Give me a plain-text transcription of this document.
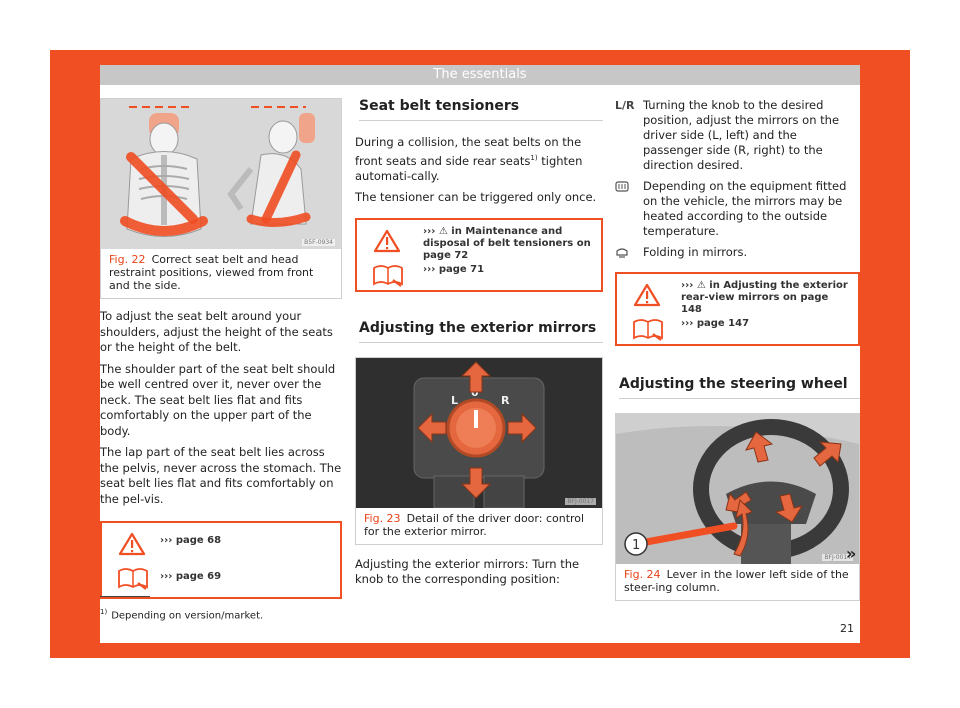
The essentials
B5F-0934
Fig. 22 Correct seat belt and head restraint positions, viewed from front and the side.

To adjust the seat belt around your shoulders, adjust the height of the seats or the height of the belt.

The shoulder part of the seat belt should be well centred over it, never over the neck. The seat belt lies flat and fits comfortably on the upper part of the body.

The lap part of the seat belt lies across the pelvis, never across the stomach. The seat belt lies flat and fits comfortably on the pel-vis.

››› page 68
››› page 69
Seat belt tensioners

During a collision, the seat belts on the front seats and side rear seats$^{1)}$ tighten automati-cally.

The tensioner can be triggered only once.

››› ⚠ in Maintenance and disposal of belt tensioners on page 72
››› page 71
Adjusting the exterior mirrors
L	R
BFJ-0017
Fig. 23 Detail of the driver door: control for the exterior mirror.

Adjusting the exterior mirrors: Turn the knob to the corresponding position:

L/R Turning the knob to the desired position, adjust the mirrors on the driver side (L, left) and the passenger side (R, right) to the direction desired.
Depending on the equipment fitted on the vehicle, the mirrors may be heated according to the outside temperature.
Folding in mirrors.
››› ⚠ in Adjusting the exterior rear-view mirrors on page 148
››› page 147
Adjusting the steering wheel
1
BFJ-0014
Fig. 24 Lever in the lower left side of the steer-ing column.
»
$^{1)}$ Depending on version/market.
21
